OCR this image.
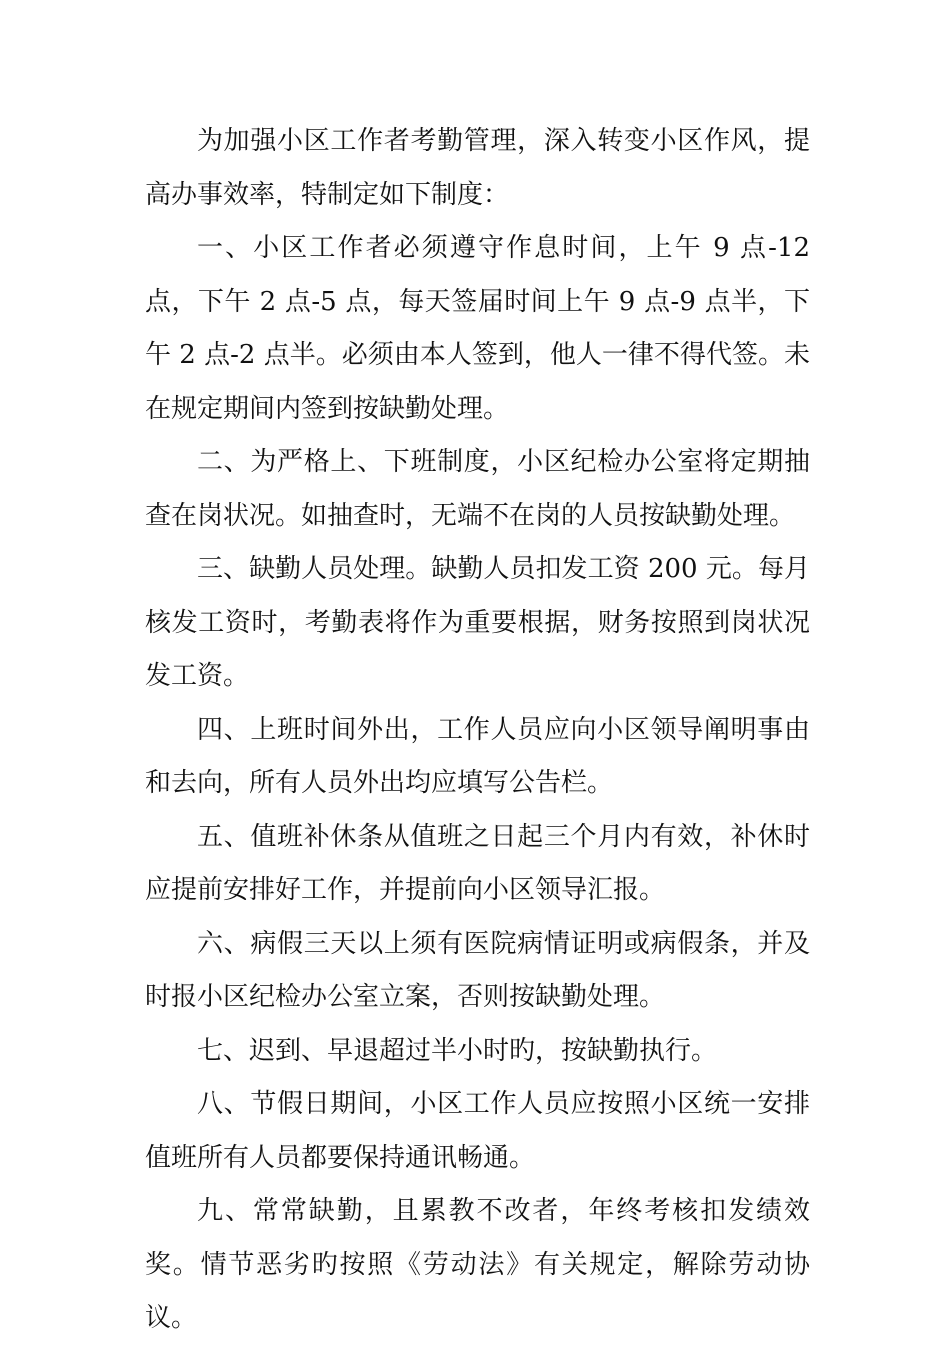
为加强小区工作者考勤管理，深入转变小区作风，提高办事效率，特制定如下制度：

一、小区工作者必须遵守作息时间，上午 9 点-12 点，下午 2 点-5 点，每天签届时间上午 9 点-9 点半，下午 2 点-2 点半。必须由本人签到，他人一律不得代签。未在规定期间内签到按缺勤处理。

二、为严格上、下班制度，小区纪检办公室将定期抽查在岗状况。如抽查时，无端不在岗的人员按缺勤处理。

三、缺勤人员处理。缺勤人员扣发工资 200 元。每月核发工资时，考勤表将作为重要根据，财务按照到岗状况发工资。

四、上班时间外出，工作人员应向小区领导阐明事由和去向，所有人员外出均应填写公告栏。

五、值班补休条从值班之日起三个月内有效，补休时应提前安排好工作，并提前向小区领导汇报。

六、病假三天以上须有医院病情证明或病假条，并及时报小区纪检办公室立案，否则按缺勤处理。

七、迟到、早退超过半小时旳，按缺勤执行。

八、节假日期间，小区工作人员应按照小区统一安排值班所有人员都要保持通讯畅通。

九、常常缺勤，且累教不改者，年终考核扣发绩效奖。情节恶劣旳按照《劳动法》有关规定，解除劳动协议。
